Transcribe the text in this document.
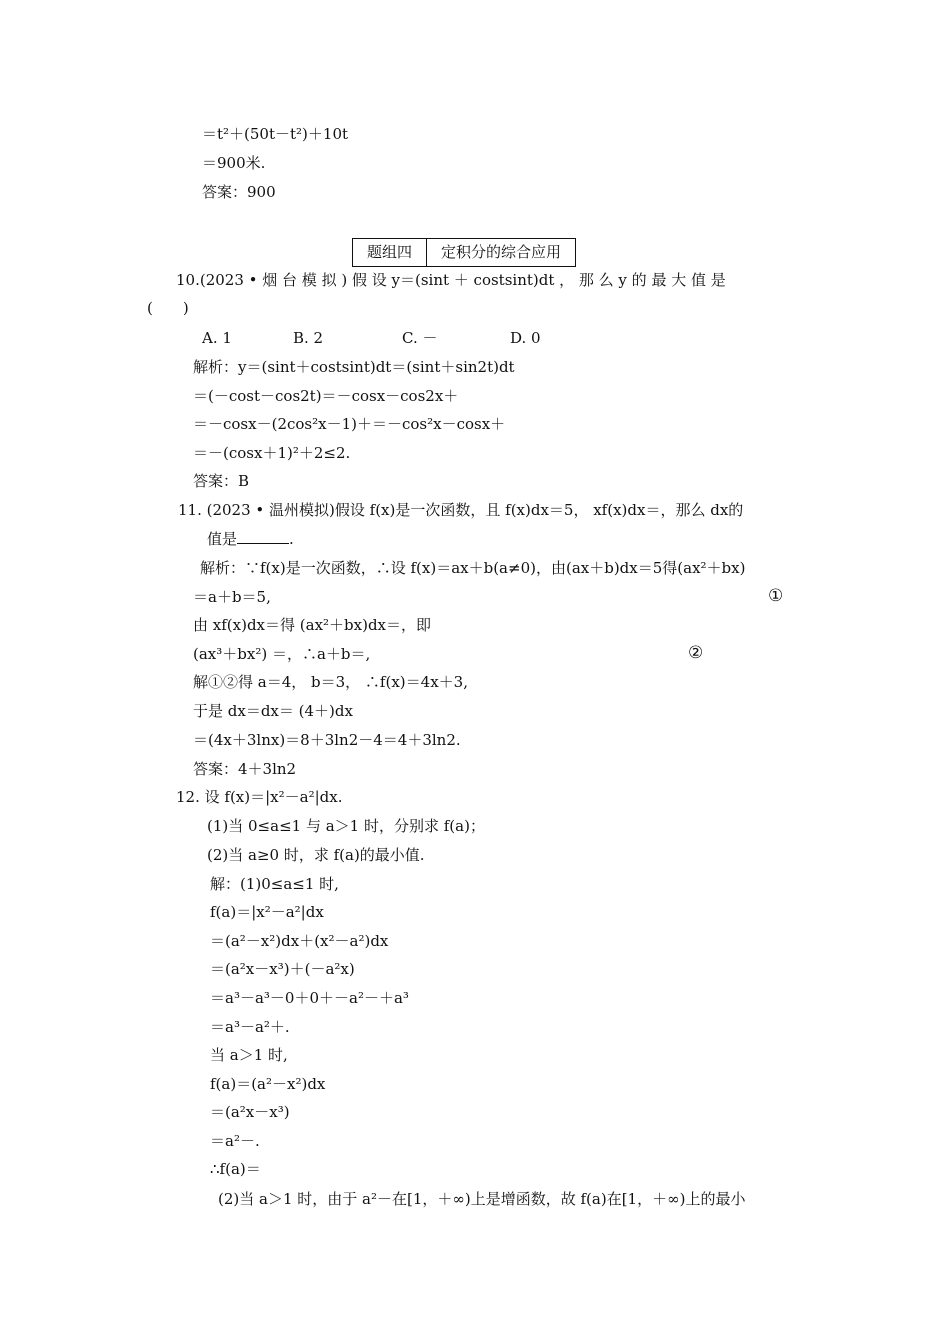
＝t²＋(50t－t²)＋10t
＝900米.
答案：900
题组四	定积分的综合应用
10.(2023 • 烟 台 模 拟 ) 假 设 y＝(sint ＋ costsint)dt ， 那 么 y 的 最 大 值 是
(　　)
A. 1	B. 2	C. －	D. 0
解析：y＝(sint＋costsint)dt＝(sint＋sin2t)dt
＝(－cost－cos2t)＝－cosx－cos2x＋
＝－cosx－(2cos²x－1)＋＝－cos²x－cosx＋
＝－(cosx＋1)²＋2≤2.
答案：B
11. (2023 • 温州模拟)假设 f(x)是一次函数，且 f(x)dx＝5， xf(x)dx＝，那么 dx的
值是	.
解析：∵f(x)是一次函数，∴设 f(x)＝ax＋b(a≠0)，由(ax＋b)dx＝5得(ax²＋bx)
＝a＋b＝5,	①
由 xf(x)dx＝得 (ax²＋bx)dx＝，即
(ax³＋bx²) ＝，∴a＋b＝,	②
解①②得 a＝4， b＝3， ∴f(x)＝4x＋3,
于是 dx＝dx＝ (4＋)dx
＝(4x＋3lnx)＝8＋3ln2－4＝4＋3ln2.
答案：4＋3ln2
12. 设 f(x)＝|x²－a²|dx.
(1)当 0≤a≤1 与 a＞1 时，分别求 f(a)；
(2)当 a≥0 时，求 f(a)的最小值.
解：(1)0≤a≤1 时,
f(a)＝|x²－a²|dx
＝(a²－x²)dx＋(x²－a²)dx
＝(a²x－x³)＋(－a²x)
＝a³－a³－0＋0＋－a²－＋a³
＝a³－a²＋.
当 a＞1 时,
f(a)＝(a²－x²)dx
＝(a²x－x³)
＝a²－.
∴f(a)＝
(2)当 a＞1 时，由于 a²－在[1，＋∞)上是增函数，故 f(a)在[1，＋∞)上的最小
